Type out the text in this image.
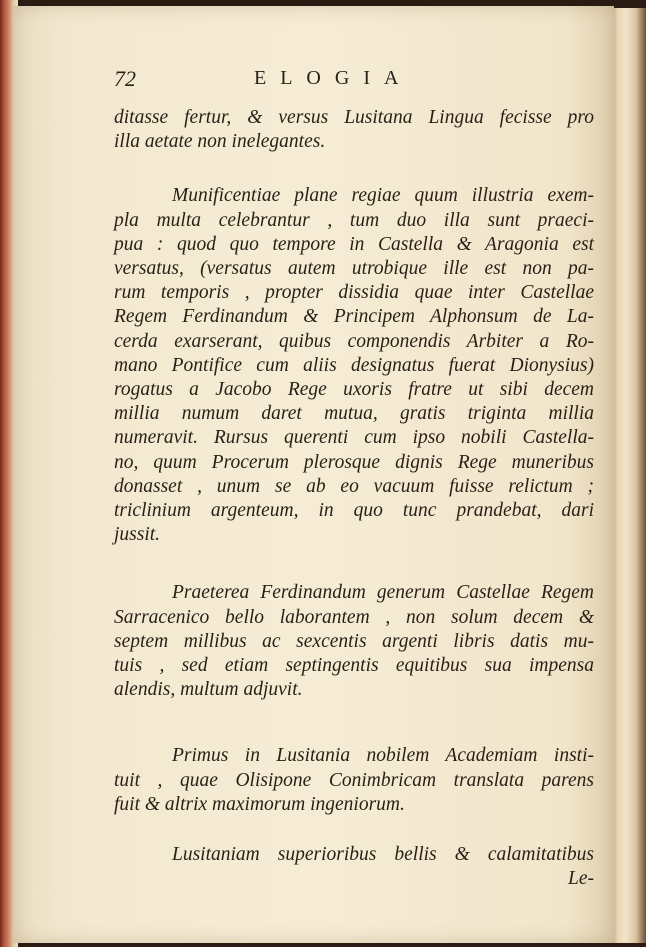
72	ELOGIA
ditasse fertur, & versus Lusitana Lingua fecisse pro
illa aetate non inelegantes.
Munificentiae plane regiae quum illustria exem-
pla multa celebrantur , tum duo illa sunt praeci-
pua : quod quo tempore in Castella & Aragonia est
versatus, (versatus autem utrobique ille est non pa-
rum temporis , propter dissidia quae inter Castellae
Regem Ferdinandum & Principem Alphonsum de La-
cerda exarserant, quibus componendis Arbiter a Ro-
mano Pontifice cum aliis designatus fuerat Dionysius)
rogatus a Jacobo Rege uxoris fratre ut sibi decem
millia numum daret mutua, gratis triginta millia
numeravit. Rursus querenti cum ipso nobili Castella-
no, quum Procerum plerosque dignis Rege muneribus
donasset , unum se ab eo vacuum fuisse relictum ;
triclinium argenteum, in quo tunc prandebat, dari
jussit.
Praeterea Ferdinandum generum Castellae Regem
Sarracenico bello laborantem , non solum decem &
septem millibus ac sexcentis argenti libris datis mu-
tuis , sed etiam septingentis equitibus sua impensa
alendis, multum adjuvit.
Primus in Lusitania nobilem Academiam insti-
tuit , quae Olisipone Conimbricam translata parens
fuit & altrix maximorum ingeniorum.
Lusitaniam superioribus bellis & calamitatibus
Le-
